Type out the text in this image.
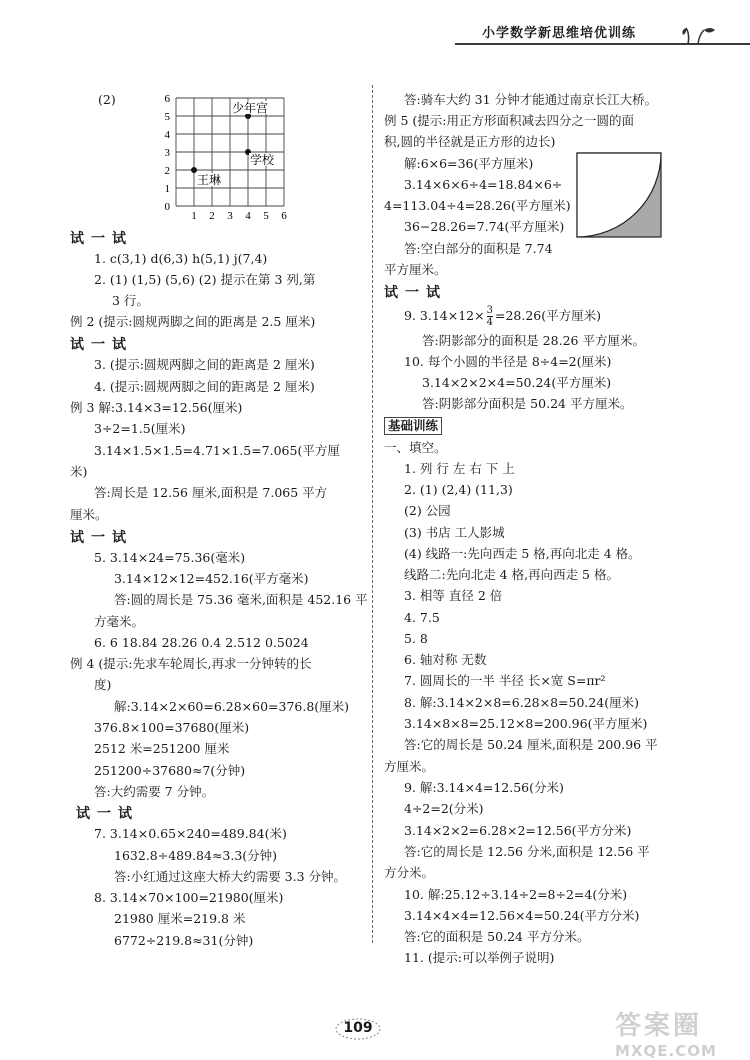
小学数学新思维培优训练
(2)
1 2 3 4 5 6
0
1
2
3
4
5
6
王琳
学校
少年宫
试一试
1. c(3,1) d(6,3) h(5,1) j(7,4)
2. (1) (1,5) (5,6) (2) 提示在第 3 列,第
3 行。
例 2 (提示:圆规两脚之间的距离是 2.5 厘米)
试一试
3. (提示:圆规两脚之间的距离是 2 厘米)
4. (提示:圆规两脚之间的距离是 2 厘米)
例 3 解:3.14×3=12.56(厘米)
3÷2=1.5(厘米)
3.14×1.5×1.5=4.71×1.5=7.065(平方厘
米)
答:周长是 12.56 厘米,面积是 7.065 平方
厘米。
试一试
5. 3.14×24=75.36(毫米)
3.14×12×12=452.16(平方毫米)
答:圆的周长是 75.36 毫米,面积是 452.16 平
方毫米。
6. 6 18.84 28.26 0.4 2.512 0.5024
例 4 (提示:先求车轮周长,再求一分钟转的长
度)
解:3.14×2×60=6.28×60=376.8(厘米)
376.8×100=37680(厘米)
2512 米=251200 厘米
251200÷37680≈7(分钟)
答:大约需要 7 分钟。
试一试
7. 3.14×0.65×240=489.84(米)
1632.8÷489.84≈3.3(分钟)
答:小红通过这座大桥大约需要 3.3 分钟。
8. 3.14×70×100=21980(厘米)
21980 厘米=219.8 米
6772÷219.8≈31(分钟)
答:骑车大约 31 分钟才能通过南京长江大桥。
例 5 (提示:用正方形面积减去四分之一圆的面
积,圆的半径就是正方形的边长)
解:6×6=36(平方厘米)
3.14×6×6÷4=18.84×6÷
4=113.04÷4=28.26(平方厘米)
36−28.26=7.74(平方厘米)
答:空白部分的面积是 7.74
平方厘米。
试一试
9. $3.14\times 12\times \frac{3}{4} =28.26$(平方厘米)
答:阴影部分的面积是 28.26 平方厘米。
10. 每个小圆的半径是 8÷4=2(厘米)
3.14×2×2×4=50.24(平方厘米)
答:阴影部分面积是 50.24 平方厘米。
基础训练
一、填空。
1. 列 行 左 右 下 上
2. (1) (2,4) (11,3)
(2) 公园
(3) 书店 工人影城
(4) 线路一:先向西走 5 格,再向北走 4 格。
线路二:先向北走 4 格,再向西走 5 格。
3. 相等 直径 2 倍
4. 7.5
5. 8
6. 轴对称 无数
7. 圆周长的一半 半径 长×宽 S=πr²
8. 解:3.14×2×8=6.28×8=50.24(厘米)
3.14×8×8=25.12×8=200.96(平方厘米)
答:它的周长是 50.24 厘米,面积是 200.96 平
方厘米。
9. 解:3.14×4=12.56(分米)
4÷2=2(分米)
3.14×2×2=6.28×2=12.56(平方分米)
答:它的周长是 12.56 分米,面积是 12.56 平
方分米。
10. 解:25.12÷3.14÷2=8÷2=4(分米)
3.14×4×4=12.56×4=50.24(平方分米)
答:它的面积是 50.24 平方分米。
11. (提示:可以举例子说明)
109	答案圈
MXQE.COM
